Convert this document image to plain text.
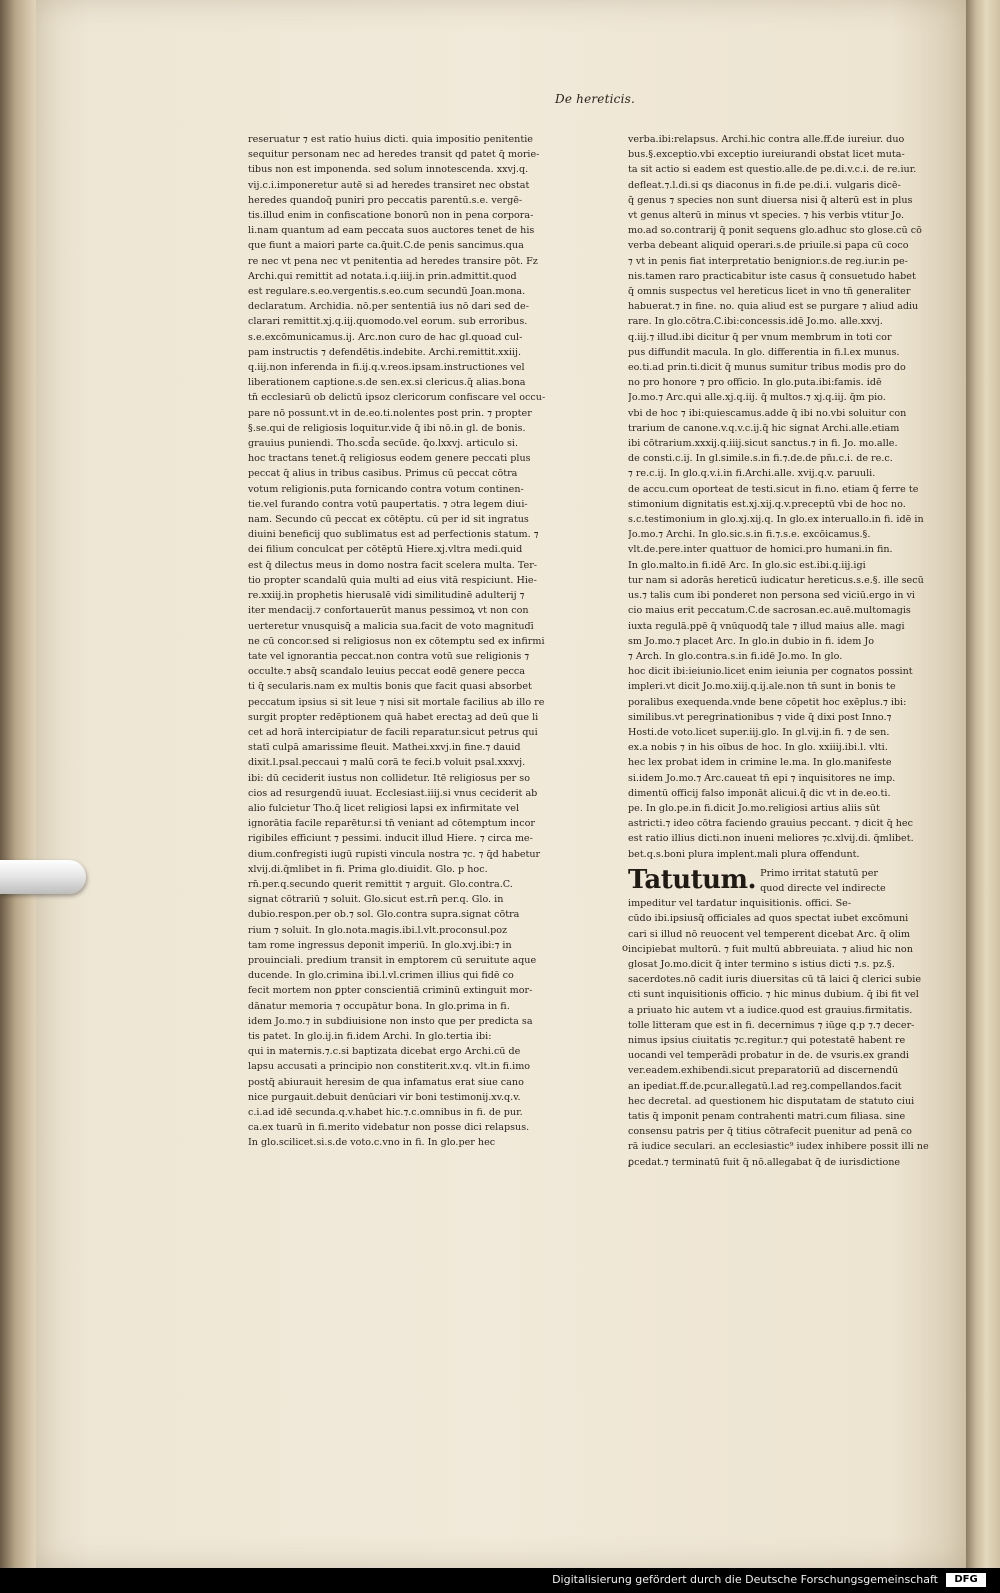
De hereticis.
reseruatur ⁊ est ratio huius dicti. quia impositio penitentie
sequitur personam nec ad heredes transit qd patet q̄ morie-
tibus non est imponenda. sed solum innotescenda. xxvj.q.
vij.c.i.imponeretur autē si ad heredes transiret nec obstat
heredes quandoq̄ puniri pro peccatis parentū.s.e. vergē-
tis.illud enim in confiscatione bonorū non in pena corpora-
li.nam quantum ad eam peccata suos auctores tenet de his
que fiunt a maiori parte ca.q̄uit.C.de penis sancimus.qua
re nec vt pena nec vt penitentia ad heredes transire pōt. Fz
Archi.qui remittit ad notata.i.q.iiij.in prin.admittit.quod
est regulare.s.eo.vergentis.s.eo.cum secundū Joan.mona.
declaratum. Archidia. nō.per sententiā ius nō dari sed de-
clarari remittit.xj.q.iij.quomodo.vel eorum. sub erroribus.
s.e.excōmunicamus.ij. Arc.non curo de hac gl.quoad cul-
pam instructis ⁊ defendētis.indebite. Archi.remittit.xxiij.
q.iij.non inferenda in fi.ij.q.v.reos.ipsam.instructiones vel
liberationem captione.s.de sen.ex.si clericus.q̄ alias.bona
tn̄ ecclesiarū ob delictū ipsoz clericorum confiscare vel occu-
pare nō possunt.vt in de.eo.ti.nolentes post prin. ⁊ propter
§.se.qui de religiosis loquitur.vide q̄ ibi nō.in gl. de bonis.
grauius puniendi. Tho.scd̄a secūde. q̄o.lxxvj. articulo si.
hoc tractans tenet.q̄ religiosus eodem genere peccati plus
peccat q̄ alius in tribus casibus. Primus cū peccat cōtra
votum religionis.puta fornicando contra votum continen-
tie.vel furando contra votū paupertatis. ⁊ ɔtra legem diui-
nam. Secundo cū peccat ex cōtēptu. cū per id sit ingratus
diuini beneficij quo sublimatus est ad perfectionis statum. ⁊
dei filium conculcat per cōtēptū Hiere.xj.vltra medi.quid
est q̄ dilectus meus in domo nostra facit scelera multa. Ter-
tio propter scandalū quia multi ad eius vitā respiciunt. Hie-
re.xxiij.in prophetis hierusalē vidi similitudinē adulterij ⁊
iter mendacij.⁊ confortauerūt manus pessimoꝝ vt non con
uerteretur vnusquisq̄ a malicia sua.facit de voto magnitudī
ne cū concor.sed si religiosus non ex cōtemptu sed ex infirmi
tate vel ignorantia peccat.non contra votū sue religionis ⁊
occulte.⁊ absq̄ scandalo leuius peccat eodē genere pecca
ti q̄ secularis.nam ex multis bonis que facit quasi absorbet
peccatum ipsius si sit leue ⁊ nisi sit mortale facilius ab illo re
surgit propter redēptionem quā habet erectaꝫ ad deū que li
cet ad horā intercipiatur de facili reparatur.sicut petrus qui
statī culpā amarissime fleuit. Mathei.xxvj.in fine.⁊ dauid
dixit.l.psal.peccaui ⁊ malū corā te feci.b voluit psal.xxxvj.
ibi: dū ceciderit iustus non collidetur. Itē religiosus per so
cios ad resurgendū iuuat. Ecclesiast.iiij.si vnus ceciderit ab
alio fulcietur Tho.q̄ licet religiosi lapsi ex infirmitate vel
ignorātia facile reparētur.si tn̄ veniant ad cōtemptum incor
rigibiles efficiunt ⁊ pessimi. inducit illud Hiere. ⁊ circa me-
dium.confregisti iugū rupisti vincula nostra ⁊c. ⁊ q̄d habetur
xlvij.di.q̄mlibet in fi. Prima glo.diuidit. Glo. p hoc.
rn̄.per.q.secundo querit remittit ⁊ arguit. Glo.contra.C.
signat cōtrariū ⁊ soluit. Glo.sicut est.rn̄ per.q. Glo. in
dubio.respon.per ob.⁊ sol. Glo.contra supra.signat cōtra
rium ⁊ soluit. In glo.nota.magis.ibi.l.vlt.proconsul.poz
tam rome ingressus deponit imperiū. In glo.xvj.ibi:⁊ in
prouinciali. predium transit in emptorem cū seruitute aque
ducende. In glo.crimina ibi.l.vl.crimen illius qui fidē co
fecit mortem non ꝑpter conscientiā criminū extinguit mor-
dānatur memoria ⁊ occupātur bona. In glo.prima in fi.
idem Jo.mo.⁊ in subdiuisione non insto que per predicta sa
tis patet. In glo.ij.in fi.idem Archi. In glo.tertia ibi:
qui in maternis.⁊.c.si baptizata dicebat ergo Archi.cū de
lapsu accusati a principio non constiterit.xv.q. vlt.in fi.imo
postq̄ abiurauit heresim de qua infamatus erat siue cano
nice purgauit.debuit denūciari vir boni testimonij.xv.q.v.
c.i.ad idē secunda.q.v.habet hic.⁊.c.omnibus in fi. de pur.
ca.ex tuarū in fi.merito videbatur non posse dici relapsus.
In glo.scilicet.si.s.de voto.c.vno in fi. In glo.per hec
verba.ibi:relapsus. Archi.hic contra alle.ff.de iureiur. duo
bus.§.exceptio.vbi exceptio iureiurandi obstat licet muta-
ta sit actio si eadem est questio.alle.de pe.di.v.c.i. de re.iur.
defleat.⁊.l.di.si qs diaconus in fi.de pe.di.i. vulgaris dicē-
q̄ genus ⁊ species non sunt diuersa nisi q̄ alterū est in plus
vt genus alterū in minus vt species. ⁊ his verbis vtitur Jo.
mo.ad so.contrarij q̄ ponit sequens glo.adhuc sto glose.cū cō
verba debeant aliquid operari.s.de priuile.si papa cū coco
⁊ vt in penis fiat interpretatio benignior.s.de reg.iur.in pe-
nis.tamen raro practicabitur iste casus q̄ consuetudo habet
q̄ omnis suspectus vel hereticus licet in vno tn̄ generaliter
habuerat.⁊ in fine. no. quia aliud est se purgare ⁊ aliud adiu
rare. In glo.cōtra.C.ibi:concessis.idē Jo.mo. alle.xxvj.
q.iij.⁊ illud.ibi dicitur q̄ per vnum membrum in toti cor
pus diffundit macula. In glo. differentia in fi.l.ex munus.
eo.ti.ad prin.ti.dicit q̄ munus sumitur tribus modis pro do
no pro honore ⁊ pro officio. In glo.puta.ibi:famis. idē
Jo.mo.⁊ Arc.qui alle.xj.q.iij. q̄ multos.⁊ xj.q.iij. q̄m pio.
vbi de hoc ⁊ ibi:quiescamus.adde q̄ ibi no.vbi soluitur con
trarium de canone.v.q.v.c.ij.q̄ hic signat Archi.alle.etiam
ibi cōtrarium.xxxij.q.iiij.sicut sanctus.⁊ in fi. Jo. mo.alle.
de consti.c.ij. In gl.simile.s.in fi.⁊.de.de pn̄ı.c.i. de re.c.
⁊ re.c.ij. In glo.q.v.i.in fi.Archi.alle. xvij.q.v. paruuli.
de accu.cum oporteat de testi.sicut in fi.no. etiam q̄ ferre te
stimonium dignitatis est.xj.xij.q.v.preceptū vbi de hoc no.
s.c.testimonium in glo.xj.xij.q. In glo.ex interuallo.in fi. idē in
Jo.mo.⁊ Archi. In glo.sic.s.in fi.⁊.s.e. excōicamus.§.
vlt.de.pere.inter quattuor de homici.pro humani.in fin.
In glo.malto.in fi.idē Arc. In glo.sic est.ibi.q.iij.igi
tur nam si adorās hereticū iudicatur hereticus.s.e.§. ille secū
us.⁊ talis cum ibi ponderet non persona sed viciū.ergo in vi
cio maius erit peccatum.C.de sacrosan.ec.auē.multomagis
iuxta regulā.ppē q̄ vnūquodq̄ tale ⁊ illud maius alle. magi
sm Jo.mo.⁊ placet Arc. In glo.in dubio in fi. idem Jo
⁊ Arch. In glo.contra.s.in fi.idē Jo.mo. In glo.
hoc dicit ibi:ieiunio.licet enim ieiunia per cognatos possint
impleri.vt dicit Jo.mo.xiij.q.ij.ale.non tn̄ sunt in bonis te
poralibus exequenda.vnde bene cōpetit hoc exēplus.⁊ ibi:
similibus.vt peregrinationibus ⁊ vide q̄ dixi post Inno.⁊
Hosti.de voto.licet super.iij.glo. In gl.vij.in fi. ⁊ de sen.
ex.a nobis ⁊ in his oībus de hoc. In glo. xxiiij.ibi.l. vlti.
hec lex probat idem in crimine le.ma. In glo.manifeste
si.idem Jo.mo.⁊ Arc.caueat tn̄ epi ⁊ inquisitores ne imp.
dimentū officij falso imponāt alicui.q̄ dic vt in de.eo.ti.
pe. In glo.pe.in fi.dicit Jo.mo.religiosi artius aliis sūt
astricti.⁊ ideo cōtra faciendo grauius peccant. ⁊ dicit q̄ hec
est ratio illius dicti.non inueni meliores ⁊c.xlvij.di. q̄mlibet.
bet.q.s.boni plura implent.mali plura offendunt.
Tatutum. Primo irritat statutū per
quod directe vel indirecte
impeditur vel tardatur inquisitionis. offici. Se-
cūdo ibi.ipsiusq̄ officiales ad quos spectat iubet excōmuni
cari si illud nō reuocent vel temperent dicebat Arc. q̄ olim
incipiebat multorū. ⁊ fuit multū abbreuiata. ⁊ aliud hic non
glosat Jo.mo.dicit q̄ inter termino s istius dicti ⁊.s. pz.§.
sacerdotes.nō cadit iuris diuersitas cū tā laici q̄ clerici subie
cti sunt inquisitionis officio. ⁊ hic minus dubium. q̄ ibi fit vel
a priuato hic autem vt a iudice.quod est grauius.firmitatis.
tolle litteram que est in fi. decernimus ⁊ iūge q.p ⁊.⁊ decer-
nimus ipsius ciuitatis ⁊c.regitur.⁊ qui potestatē habent re
uocandi vel temperādi probatur in de. de vsuris.ex grandi
ver.eadem.exhibendi.sicut preparatoriū ad discernendū
an ipediat.ff.de.pcur.allegatū.l.ad reꝫ.compellandos.facit
hec decretal. ad questionem hic disputatam de statuto ciui
tatis q̄ imponit penam contrahenti matri.cum filiasa. sine
consensu patris per q̄ titius cōtrafecit puenitur ad penā co
rā iudice seculari. an ecclesiastic⁹ iudex inhibere possit illi ne
ꝑcedat.⁊ terminatū fuit q̄ nō.allegabat q̄ de iurisdictione
o
Digitalisierung gefördert durch die Deutsche Forschungsgemeinschaft	DFG
